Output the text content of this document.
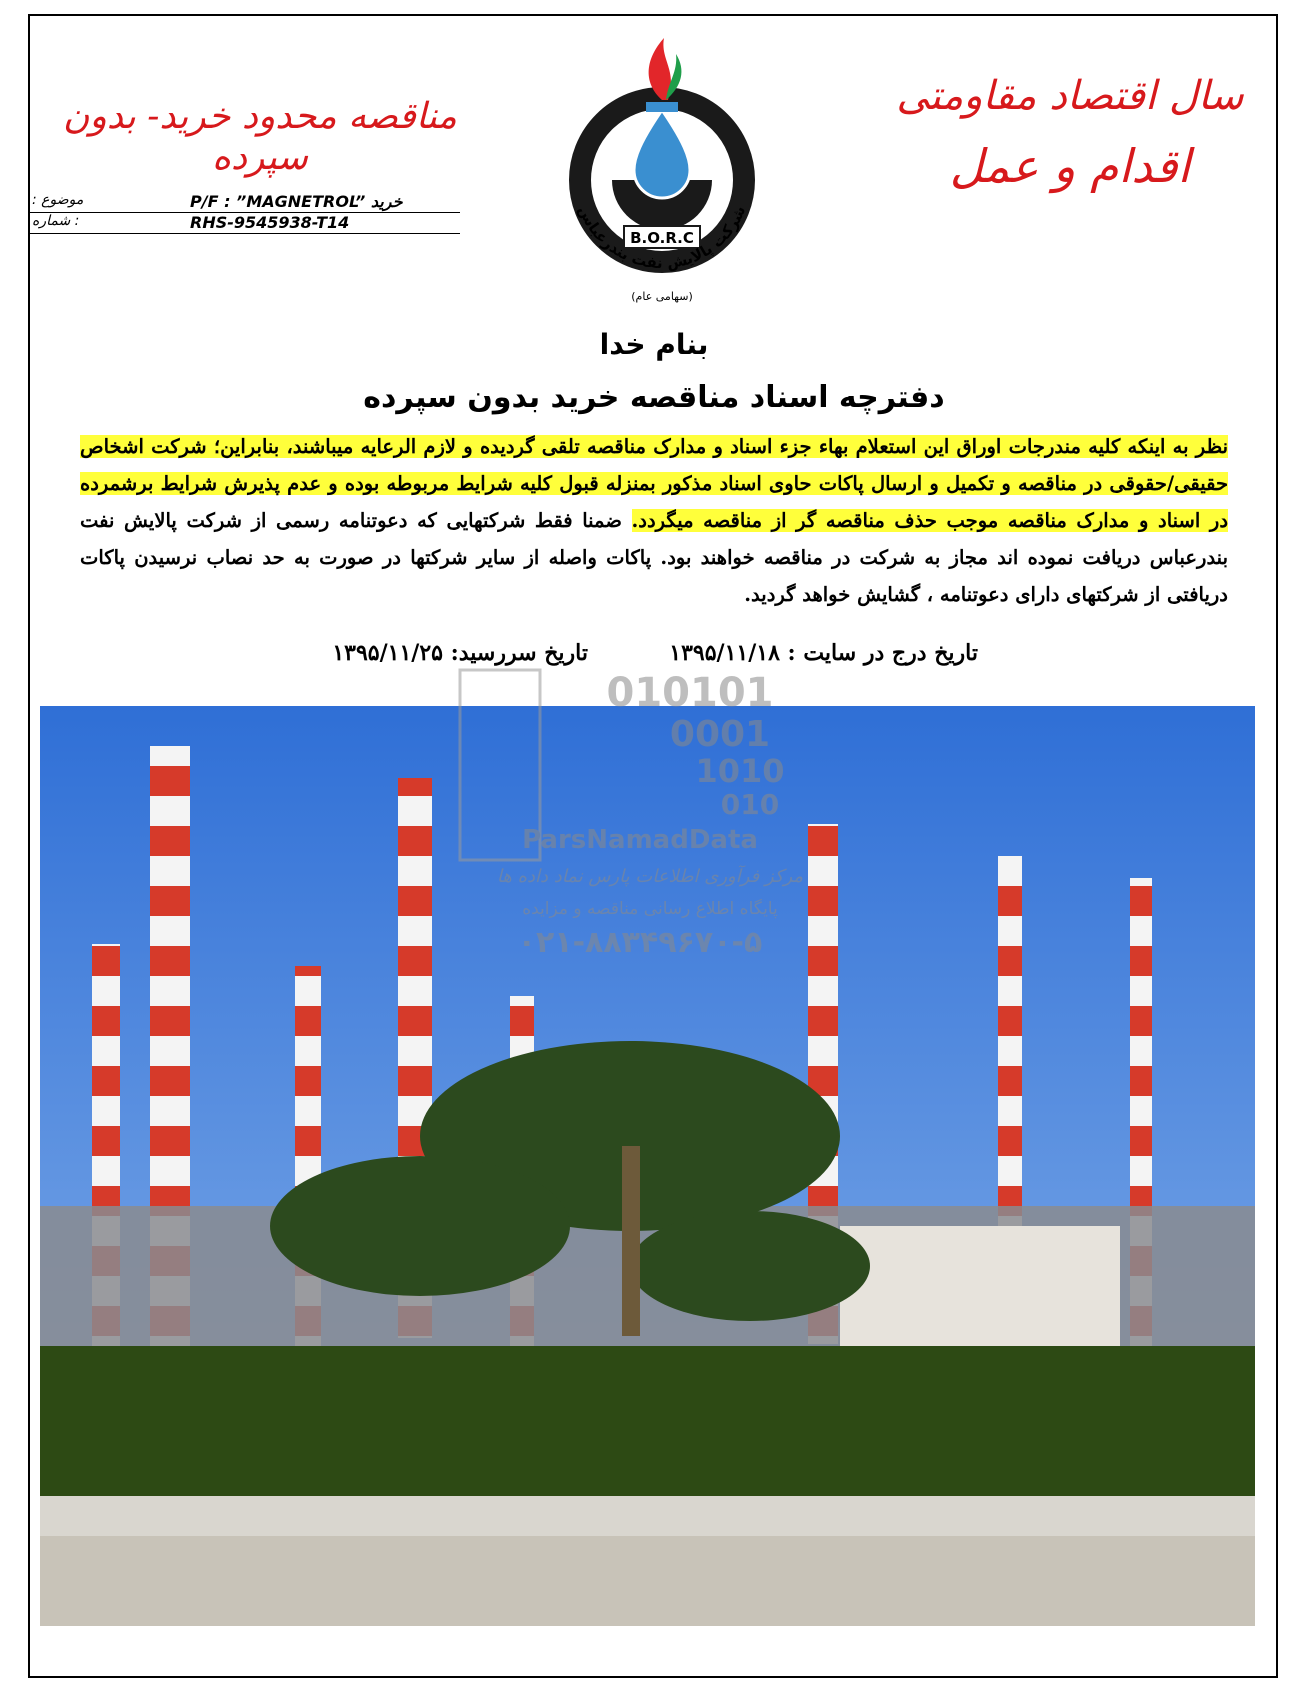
سال اقتصاد مقاومتی
اقدام و عمل
مناقصه محدود خرید- بدون سپرده
موضوع :	P/F : ”MAGNETROL” خرید
: شماره	RHS-9545938-T14
B.O.R.C
شرکت پالایش نفت بندرعباس
(سهامی عام)
بنام خدا
دفترچه اسناد مناقصه خرید بدون سپرده
نظر به اینکه کلیه مندرجات اوراق این استعلام بهاء جزء اسناد و مدارک مناقصه تلقی گردیده و لازم الرعایه میباشند، بنابراین؛ شرکت اشخاص حقیقی/حقوقی در مناقصه و تکمیل و ارسال پاکات حاوی اسناد مذکور بمنزله قبول کلیه شرایط مربوطه بوده و عدم پذیرش شرایط برشمرده در اسناد و مدارک مناقصه موجب حذف مناقصه گر از مناقصه میگردد. ضمنا فقط شرکتهایی که دعوتنامه رسمی از شرکت پالایش نفت بندرعباس دریافت نموده اند مجاز به شرکت در مناقصه خواهند بود. پاکات واصله از سایر شرکتها در صورت به حد نصاب نرسیدن پاکات دریافتی از شرکتهای دارای دعوتنامه ، گشایش خواهد گردید.
تاریخ درج در سایت : ۱۳۹۵/۱۱/۱۸
تاریخ سررسید: ۱۳۹۵/۱۱/۲۵
010101
0001
1010
010
ParsNamadData
مرکز فرآوری اطلاعات پارس نماد داده ها
پایگاه اطلاع رسانی مناقصه و مزایده
۰۲۱-۸۸۳۴۹۶۷۰-۵
